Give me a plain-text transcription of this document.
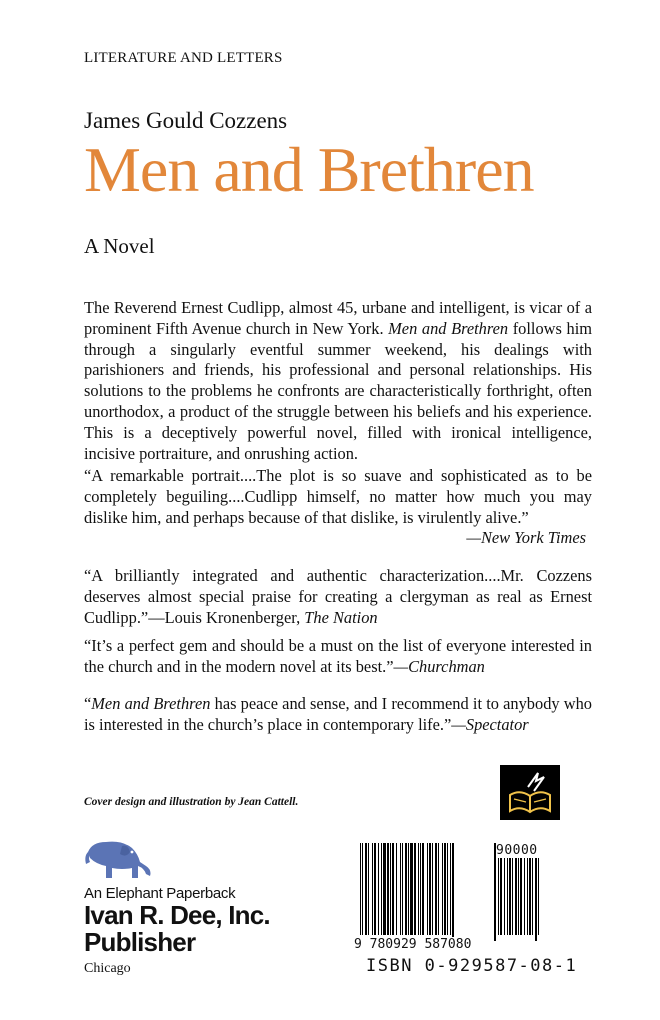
LITERATURE AND LETTERS
James Gould Cozzens
Men and Brethren
A Novel
The Reverend Ernest Cudlipp, almost 45, urbane and intelligent, is vicar of a prominent Fifth Avenue church in New York. Men and Brethren follows him through a singularly eventful summer weekend, his dealings with parishioners and friends, his professional and personal relationships. His solutions to the problems he confronts are characteristically forthright, often unorthodox, a product of the struggle between his beliefs and his experience. This is a deceptively powerful novel, filled with ironical intelligence, incisive portraiture, and onrushing action.
“A remarkable portrait....The plot is so suave and sophisticated as to be completely beguiling....Cudlipp himself, no matter how much you may dislike him, and perhaps because of that dislike, is virulently alive.”
—New York Times
“A brilliantly integrated and authentic characterization....Mr. Cozzens deserves almost special praise for creating a clergyman as real as Ernest Cudlipp.”—Louis Kronenberger, The Nation
“It’s a perfect gem and should be a must on the list of everyone interested in the church and in the modern novel at its best.”—Churchman
“Men and Brethren has peace and sense, and I recommend it to anybody who is interested in the church’s place in contemporary life.”—Spectator
Cover design and illustration by Jean Cattell.
An Elephant Paperback
Ivan R. Dee, Inc.
Publisher
Chicago
90000
9 780929 587080
ISBN 0-929587-08-1
